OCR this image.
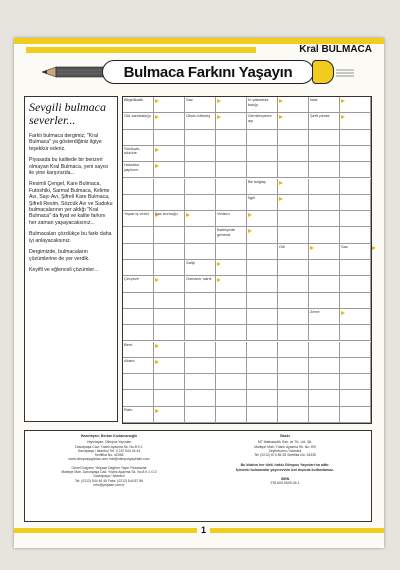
Kral BULMACA
Bulmaca Farkını Yaşayın
Sevgili bulmaca severler...

Farklı bulmaca dergimiz, "Kral Bulmaca" ya gösterdiğiniz ilgiye teşekkür ederiz.

Piyasada bu kalitede bir benzeri olmayan Kral Bulmaca, yeni sayısı ile yine karşınızda...

Resimli Çengel, Kare Bulmaca, Futoshiki, Sarmal Bulmaca, Kelime Avı, Sayı Avı, Şifreli Kare Bulmaca, Şifreli Resim, Sözcük Avı ve Sudoku bulmacalarının yer aldığı "Kral Bulmaca" da fiyat ve kalite farkını her zaman yaşayacaksınız...

Bulmacaları çözdükçe bu farkı daha iyi anlayacaksınız.

Dergimizde, bulmacaların çözümlerine de yer verdik.

Keyifli ve eğlenceli çözümler...

Bilgelikadlı	Saz	İri yakamaz balığı
İstal
Gül zambaklığı	Okulu bitirmiş	Gemilerçevre ayı
Şerit perde
Sözüçek, sözüne
Hukukta yaptırım
Bir bağlaç
İlgili
Vedero
Yapar iş verici	Sac bornoğu
Bahriyede general
Oik	Sac
Salip
Çerçeve	Osmanlı, sahil
Zerre
Berri
Abartı
Rafo
Hazırlayan: Bertan Kodamanoğlu
Yayınlayan: Olimpos Yayınları
Davutpaşa Cad. Yılanlı Ayazma Sk. No:8 K:1
Davutpaşa / İstanbul Tel: 0 212 544 44 44
Sertifika No: 42096
www.olimposyayinlari.com info@olimposyayinlari.com
Genel Dağıtım: Yelpaze Dağıtım Yayın Pazarlama
Maltepe Mah. Davutpaşa Cad. Yılanlı Ayazma Sk. No:8 K:1 D:2
Davutpaşa / İstanbul
Tel: (0212) 544 46 46 Faks: (0212) 544 87 86
info@yelpaze.com.tr
Baskı
MT Matbaacılık San. ve Tic. Ltd. Şti.
Maltepe Mah. Yılanlı Ayazma Sk. No: 8/9
Zeytinburnu / İstanbul
Tel: (0212) 674 85 28 Sertifika No: 34335
Bu kitabın her türlü hakkı Olimpos Yayınları'na aittir.
İçindeki bulmacalar yayınevinin izni dışında kullanılamaz.
ISBN
978-605-9609-46-1
1
